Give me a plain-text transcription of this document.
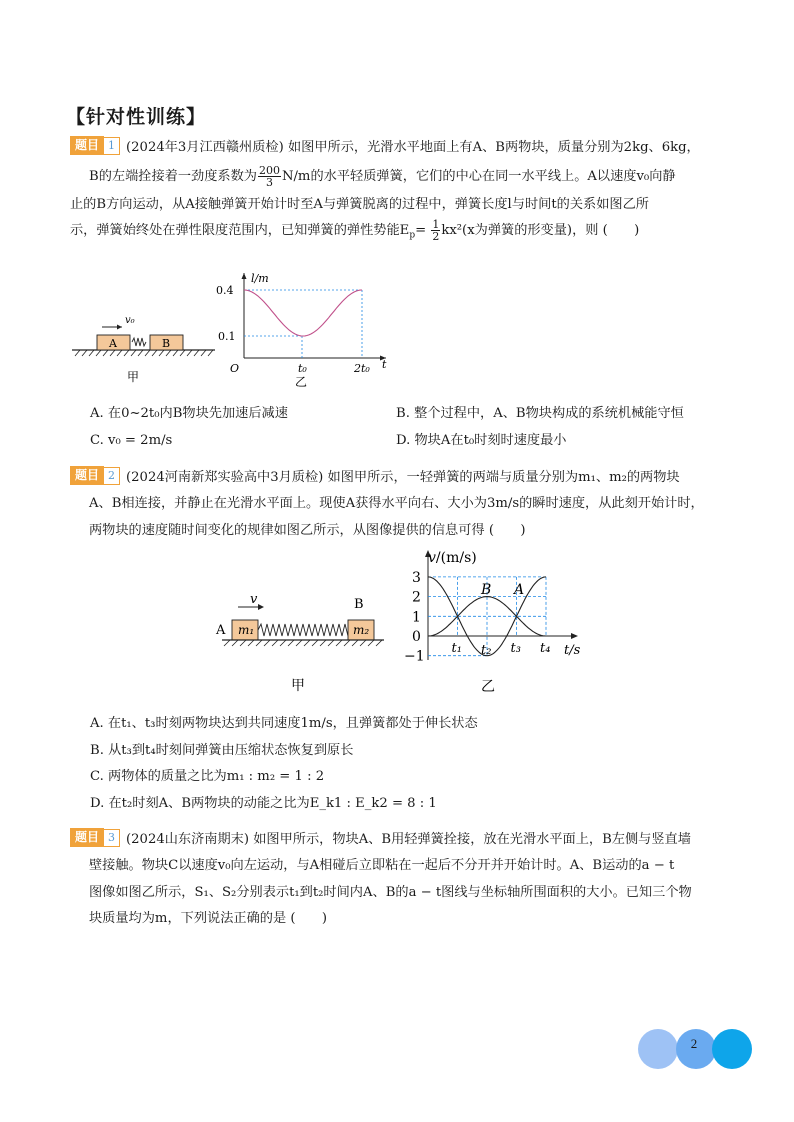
【针对性训练】
题目 1 (2024年3月江西赣州质检) 如图甲所示，光滑水平地面上有A、B两物块，质量分别为2kg、6kg，
B的左端拴接着一劲度系数为 $\frac{200}{3} N/m$的水平轻质弹簧，它们的中心在同一水平线上。A以速度v₀向静
止的B方向运动，从A接触弹簧开始计时至A与弹簧脱离的过程中，弹簧长度l与时间t的关系如图乙所
示，弹簧始终处在弹性限度范围内，已知弹簧的弹性势能$E_p= \frac{1}{2} kx^2(x$为弹簧的形变量)，则 (　　)
A	B
v₀
甲
l/m
0.4
0.1
O	t₀	2t₀ t
乙
A. 在0~2t₀内B物块先加速后减速	B. 整个过程中，A、B物块构成的系统机械能守恒
C. v₀ = 2m/s	D. 物块A在t₀时刻时速度最小
题目 2 (2024河南新郑实验高中3月质检) 如图甲所示，一轻弹簧的两端与质量分别为m₁、m₂的两物块
A、B相连接，并静止在光滑水平面上。现使A获得水平向右、大小为3m/s的瞬时速度，从此刻开始计时，
两物块的速度随时间变化的规律如图乙所示，从图像提供的信息可得 (　　)
v	B
A m₁	m₂
甲
v/(m/s)
3
2
1
0
−1
t₁ t₂ t₃ t₄
B A
t/s
乙
A. 在t₁、t₃时刻两物块达到共同速度1m/s，且弹簧都处于伸长状态
B. 从t₃到t₄时刻间弹簧由压缩状态恢复到原长
C. 两物体的质量之比为m₁ : m₂ = 1 : 2
D. 在t₂时刻A、B两物块的动能之比为E_k1 : E_k2 = 8 : 1
题目 3 (2024山东济南期末) 如图甲所示，物块A、B用轻弹簧拴接，放在光滑水平面上，B左侧与竖直墙
壁接触。物块C以速度v₀向左运动，与A相碰后立即粘在一起后不分开并开始计时。A、B运动的a − t
图像如图乙所示，S₁、S₂分别表示t₁到t₂时间内A、B的a − t图线与坐标轴所围面积的大小。已知三个物
块质量均为m，下列说法正确的是 (　　)
2
